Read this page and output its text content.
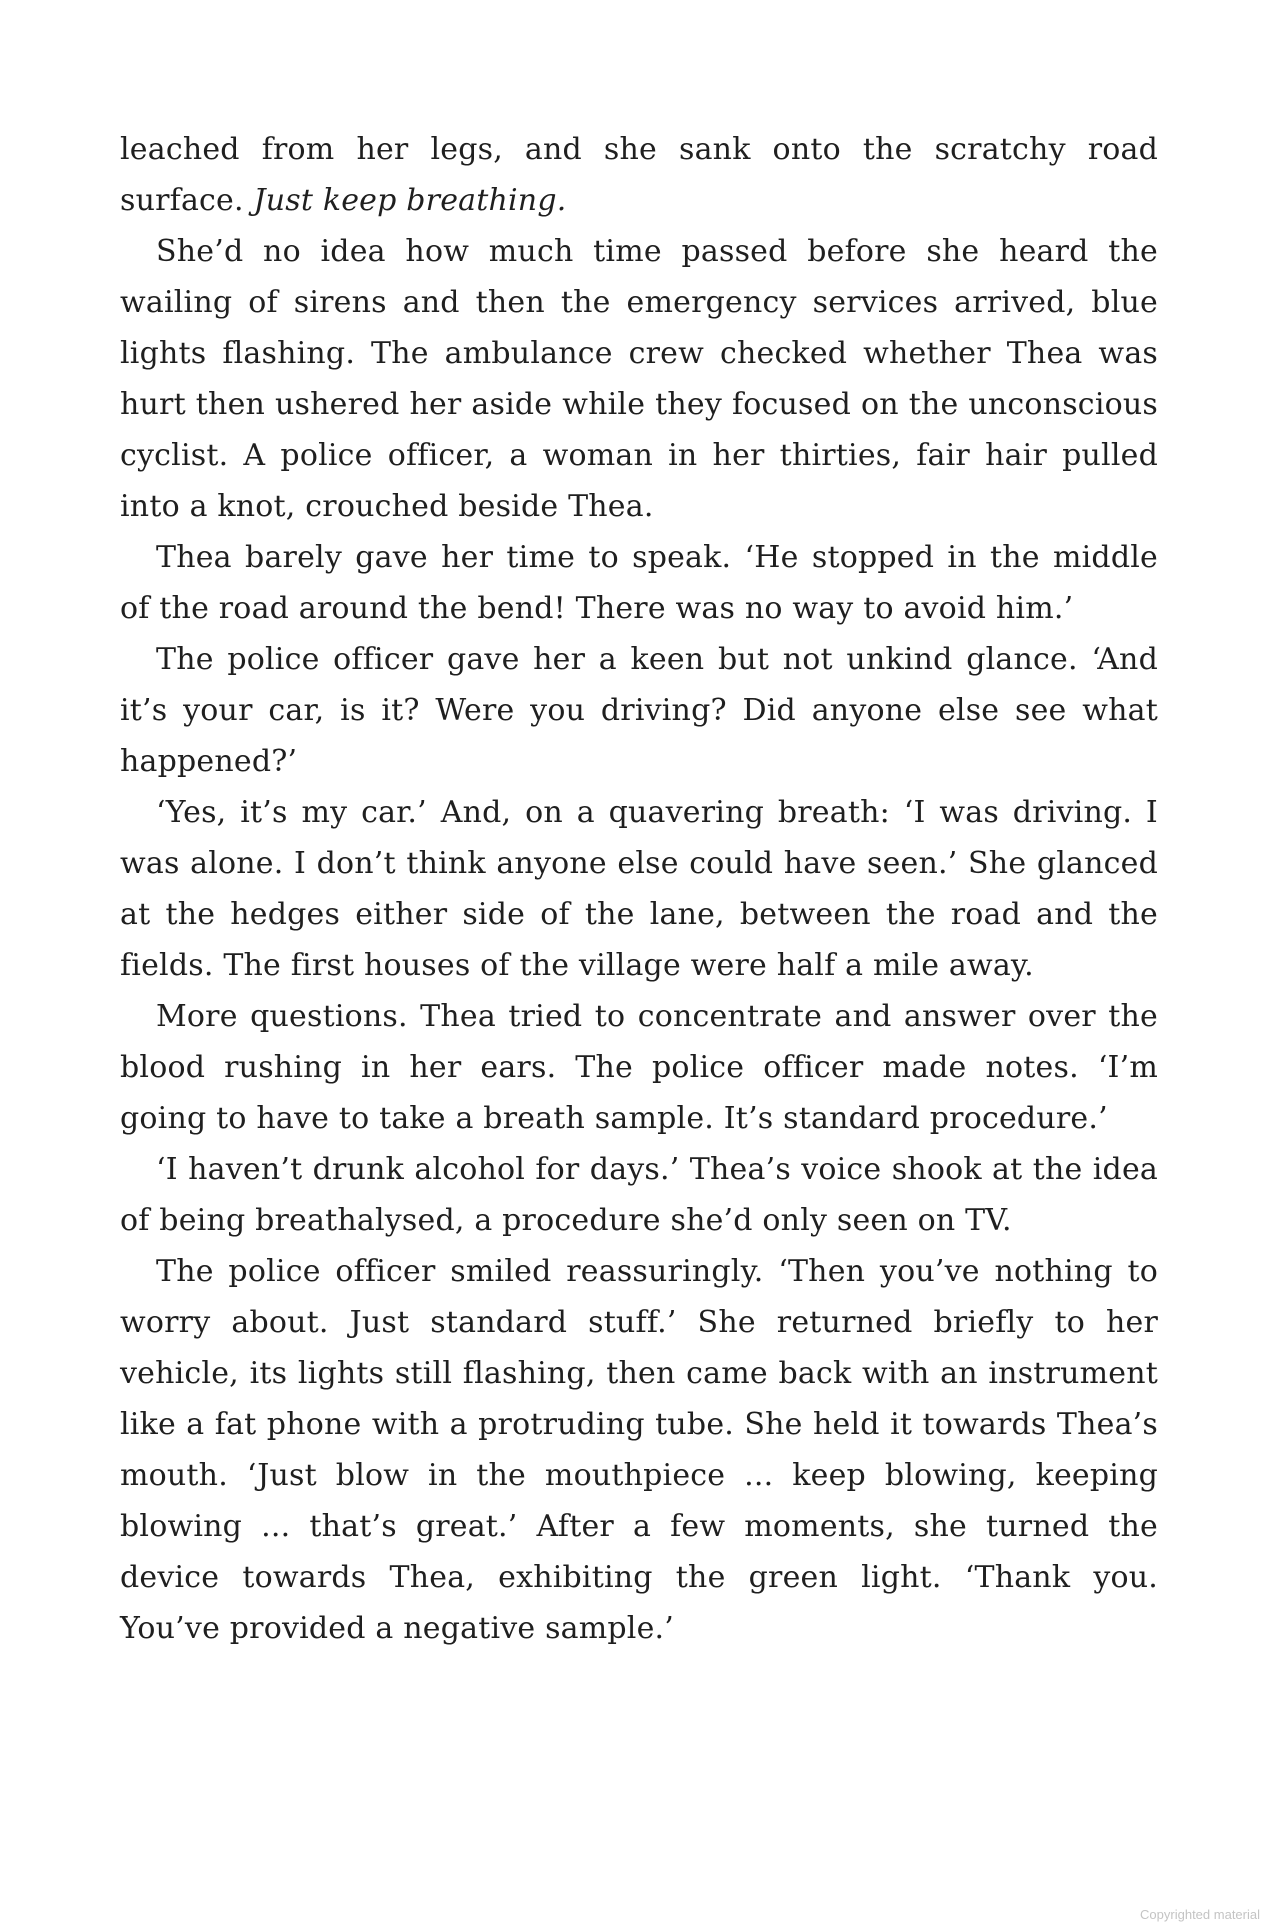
leached from her legs, and she sank onto the scratchy road surface. Just keep breathing.

She’d no idea how much time passed before she heard the wailing of sirens and then the emergency services arrived, blue lights flashing. The ambulance crew checked whether Thea was hurt then ushered her aside while they focused on the unconscious cyclist. A police officer, a woman in her thirties, fair hair pulled into a knot, crouched beside Thea.

Thea barely gave her time to speak. ‘He stopped in the middle of the road around the bend! There was no way to avoid him.’

The police officer gave her a keen but not unkind glance. ‘And it’s your car, is it? Were you driving? Did anyone else see what happened?’

‘Yes, it’s my car.’ And, on a quavering breath: ‘I was driving. I was alone. I don’t think anyone else could have seen.’ She glanced at the hedges either side of the lane, between the road and the fields. The first houses of the village were half a mile away.

More questions. Thea tried to concentrate and answer over the blood rushing in her ears. The police officer made notes. ‘I’m going to have to take a breath sample. It’s standard procedure.’

‘I haven’t drunk alcohol for days.’ Thea’s voice shook at the idea of being breathalysed, a procedure she’d only seen on TV.

The police officer smiled reassuringly. ‘Then you’ve nothing to worry about. Just standard stuff.’ She returned briefly to her vehicle, its lights still flashing, then came back with an instrument like a fat phone with a protruding tube. She held it towards Thea’s mouth. ‘Just blow in the mouthpiece ... keep blowing, keeping blowing ... that’s great.’ After a few moments, she turned the device towards Thea, exhibiting the green light. ‘Thank you. You’ve provided a negative sample.’

Copyrighted material
